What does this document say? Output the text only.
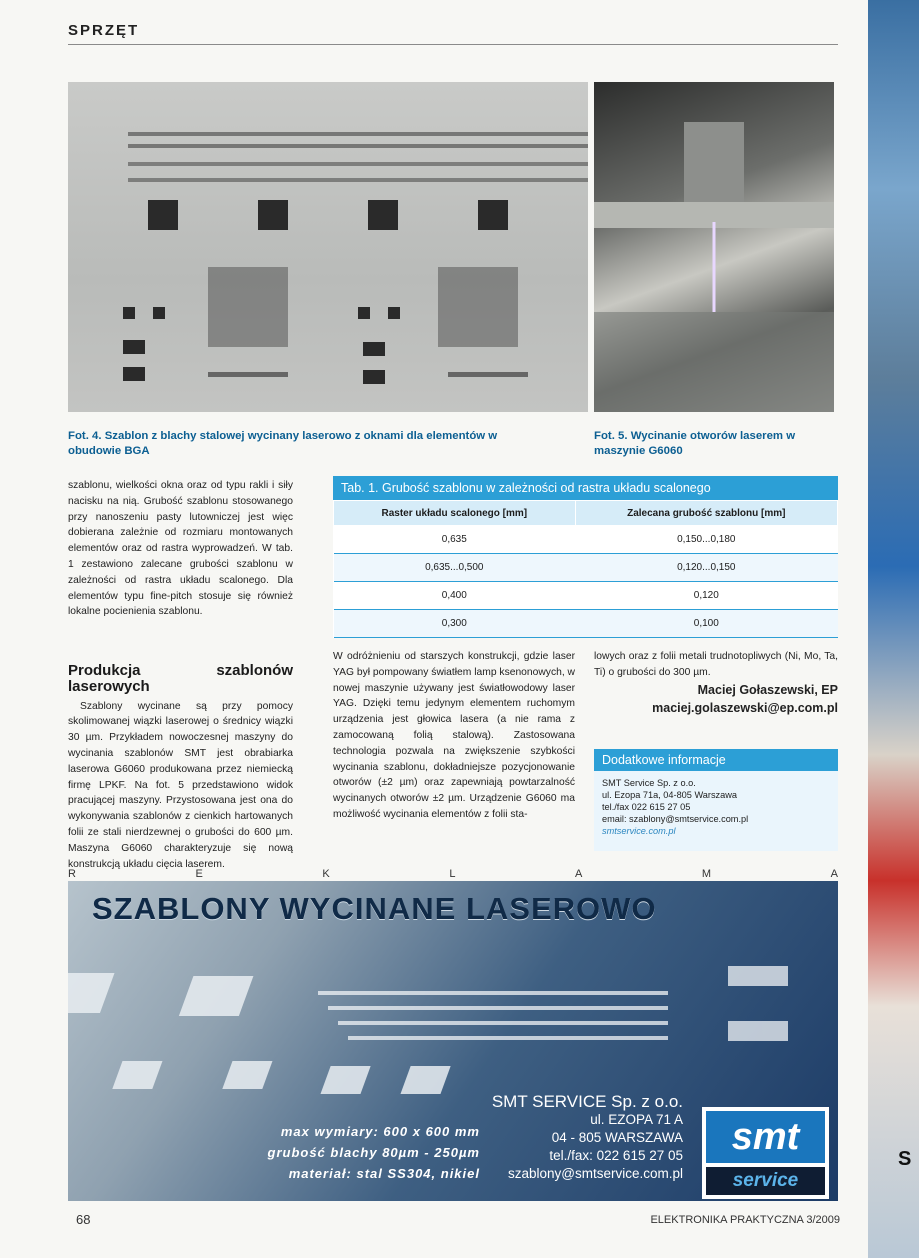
SPRZĘT
Fot. 4. Szablon z blachy stalowej wycinany laserowo z oknami dla elementów w obudowie BGA
Fot. 5. Wycinanie otworów laserem w maszynie G6060
szablonu, wielkości okna oraz od typu rakli i siły nacisku na nią. Grubość szablonu stosowanego przy nanoszeniu pasty lutowniczej jest więc dobierana zależnie od rozmiaru montowanych elementów oraz od rastra wyprowadzeń. W tab. 1 zestawiono zalecane grubości szablonu w zależności od rastra układu scalonego. Dla elementów typu fine-pitch stosuje się również lokalne pocienienia szablonu.
Produkcja szablonów laserowych
Szablony wycinane są przy pomocy skolimowanej wiązki laserowej o średnicy wiązki 30 µm. Przykładem nowoczesnej maszyny do wycinania szablonów SMT jest obrabiarka laserowa G6060 produkowana przez niemiecką firmę LPKF. Na fot. 5 przedstawiono widok pracującej maszyny. Przystosowana jest ona do wykonywania szablonów z cienkich hartowanych folii ze stali nierdzewnej o grubości do 600 µm. Maszyna G6060 charakteryzuje się nową konstrukcją układu cięcia laserem.
Tab. 1. Grubość szablonu w zależności od rastra układu scalonego
Raster układu scalonego [mm]	Zalecana grubość szablonu [mm]
0,635	0,150...0,180
0,635...0,500	0,120...0,150
0,400	0,120
0,300	0,100
W odróżnieniu od starszych konstrukcji, gdzie laser YAG był pompowany światłem lamp ksenonowych, w nowej maszynie używany jest światłowodowy laser YAG. Dzięki temu jedynym elementem ruchomym urządzenia jest głowica lasera (a nie rama z zamocowaną folią stalową). Zastosowana technologia pozwala na zwiększenie szybkości wycinania szablonu, dokładniejsze pozycjonowanie otworów (±2 µm) oraz zapewniają powtarzalność wycinanych otworów ±2 µm. Urządzenie G6060 ma możliwość wycinania elementów z folii sta-
lowych oraz z folii metali trudnotopliwych (Ni, Mo, Ta, Ti) o grubości do 300 µm.
Maciej Gołaszewski, EP
maciej.golaszewski@ep.com.pl
Dodatkowe informacje
SMT Service Sp. z o.o.
ul. Ezopa 71a, 04-805 Warszawa
tel./fax 022 615 27 05
email: szablony@smtservice.com.pl
smtservice.com.pl
R	E	K	L	A	M	A
SZABLONY WYCINANE LASEROWO
max wymiary: 600 x 600 mm
grubość blachy 80µm - 250µm
materiał: stal SS304, nikiel
SMT SERVICE Sp. z o.o.
ul. EZOPA 71 A
04 - 805 WARSZAWA
tel./fax: 022 615 27 05
szablony@smtservice.com.pl
smt
service
68	ELEKTRONIKA PRAKTYCZNA 3/2009
S
